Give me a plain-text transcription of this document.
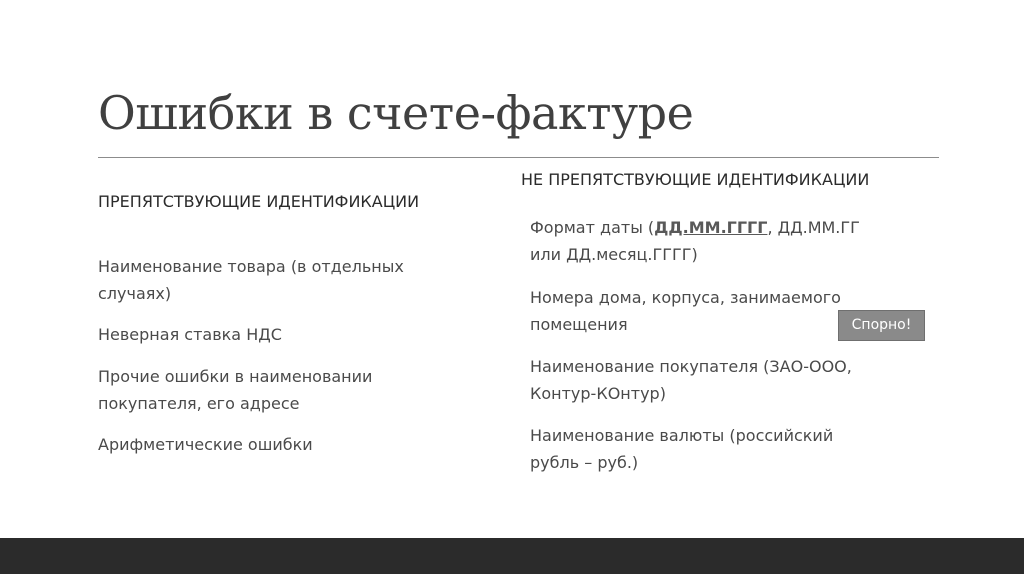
Ошибки в счете-фактуре
ПРЕПЯТСТВУЮЩИЕ ИДЕНТИФИКАЦИИ
Наименование товара (в отдельных случаях)
Неверная ставка НДС
Прочие ошибки в наименовании покупателя, его адресе
Арифметические ошибки
НЕ ПРЕПЯТСТВУЮЩИЕ ИДЕНТИФИКАЦИИ
Формат даты (ДД.ММ.ГГГГ, ДД.ММ.ГГ или ДД.месяц.ГГГГ)
Номера дома, корпуса, занимаемого помещения
Наименование покупателя (ЗАО-ООО, Контур-КОнтур)
Наименование валюты (российский рубль – руб.)
Спорно!
